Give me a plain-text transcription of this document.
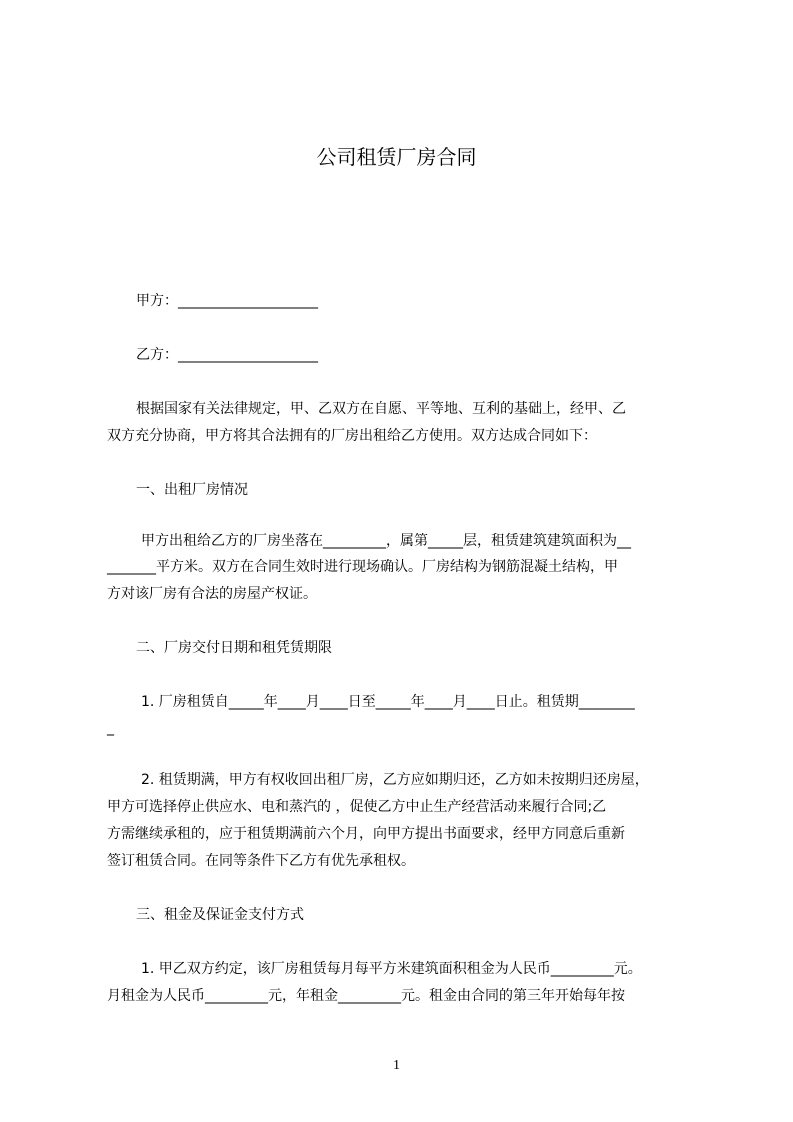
公司租赁厂房合同
甲方：____________________
乙方：____________________
根据国家有关法律规定，甲、乙双方在自愿、平等地、互利的基础上，经甲、乙
双方充分协商，甲方将其合法拥有的厂房出租给乙方使用。双方达成合同如下：
一、出租厂房情况
甲方出租给乙方的厂房坐落在_________，属第_____层，租赁建筑建筑面积为__
_______平方米。双方在合同生效时进行现场确认。厂房结构为钢筋混凝土结构，甲
方对该厂房有合法的房屋产权证。
二、厂房交付日期和租凭赁期限
1. 厂房租赁自_____年____月____日至_____年____月____日止。租赁期________
_
2. 租赁期满，甲方有权收回出租厂房，乙方应如期归还，乙方如未按期归还房屋，
甲方可选择停止供应水、电和蒸汽的 ，促使乙方中止生产经营活动来履行合同;乙
方需继续承租的，应于租赁期满前六个月，向甲方提出书面要求，经甲方同意后重新
签订租赁合同。在同等条件下乙方有优先承租权。
三、租金及保证金支付方式
1. 甲乙双方约定，该厂房租赁每月每平方米建筑面积租金为人民币_________元。
月租金为人民币_________元，年租金_________元。租金由合同的第三年开始每年按
1
